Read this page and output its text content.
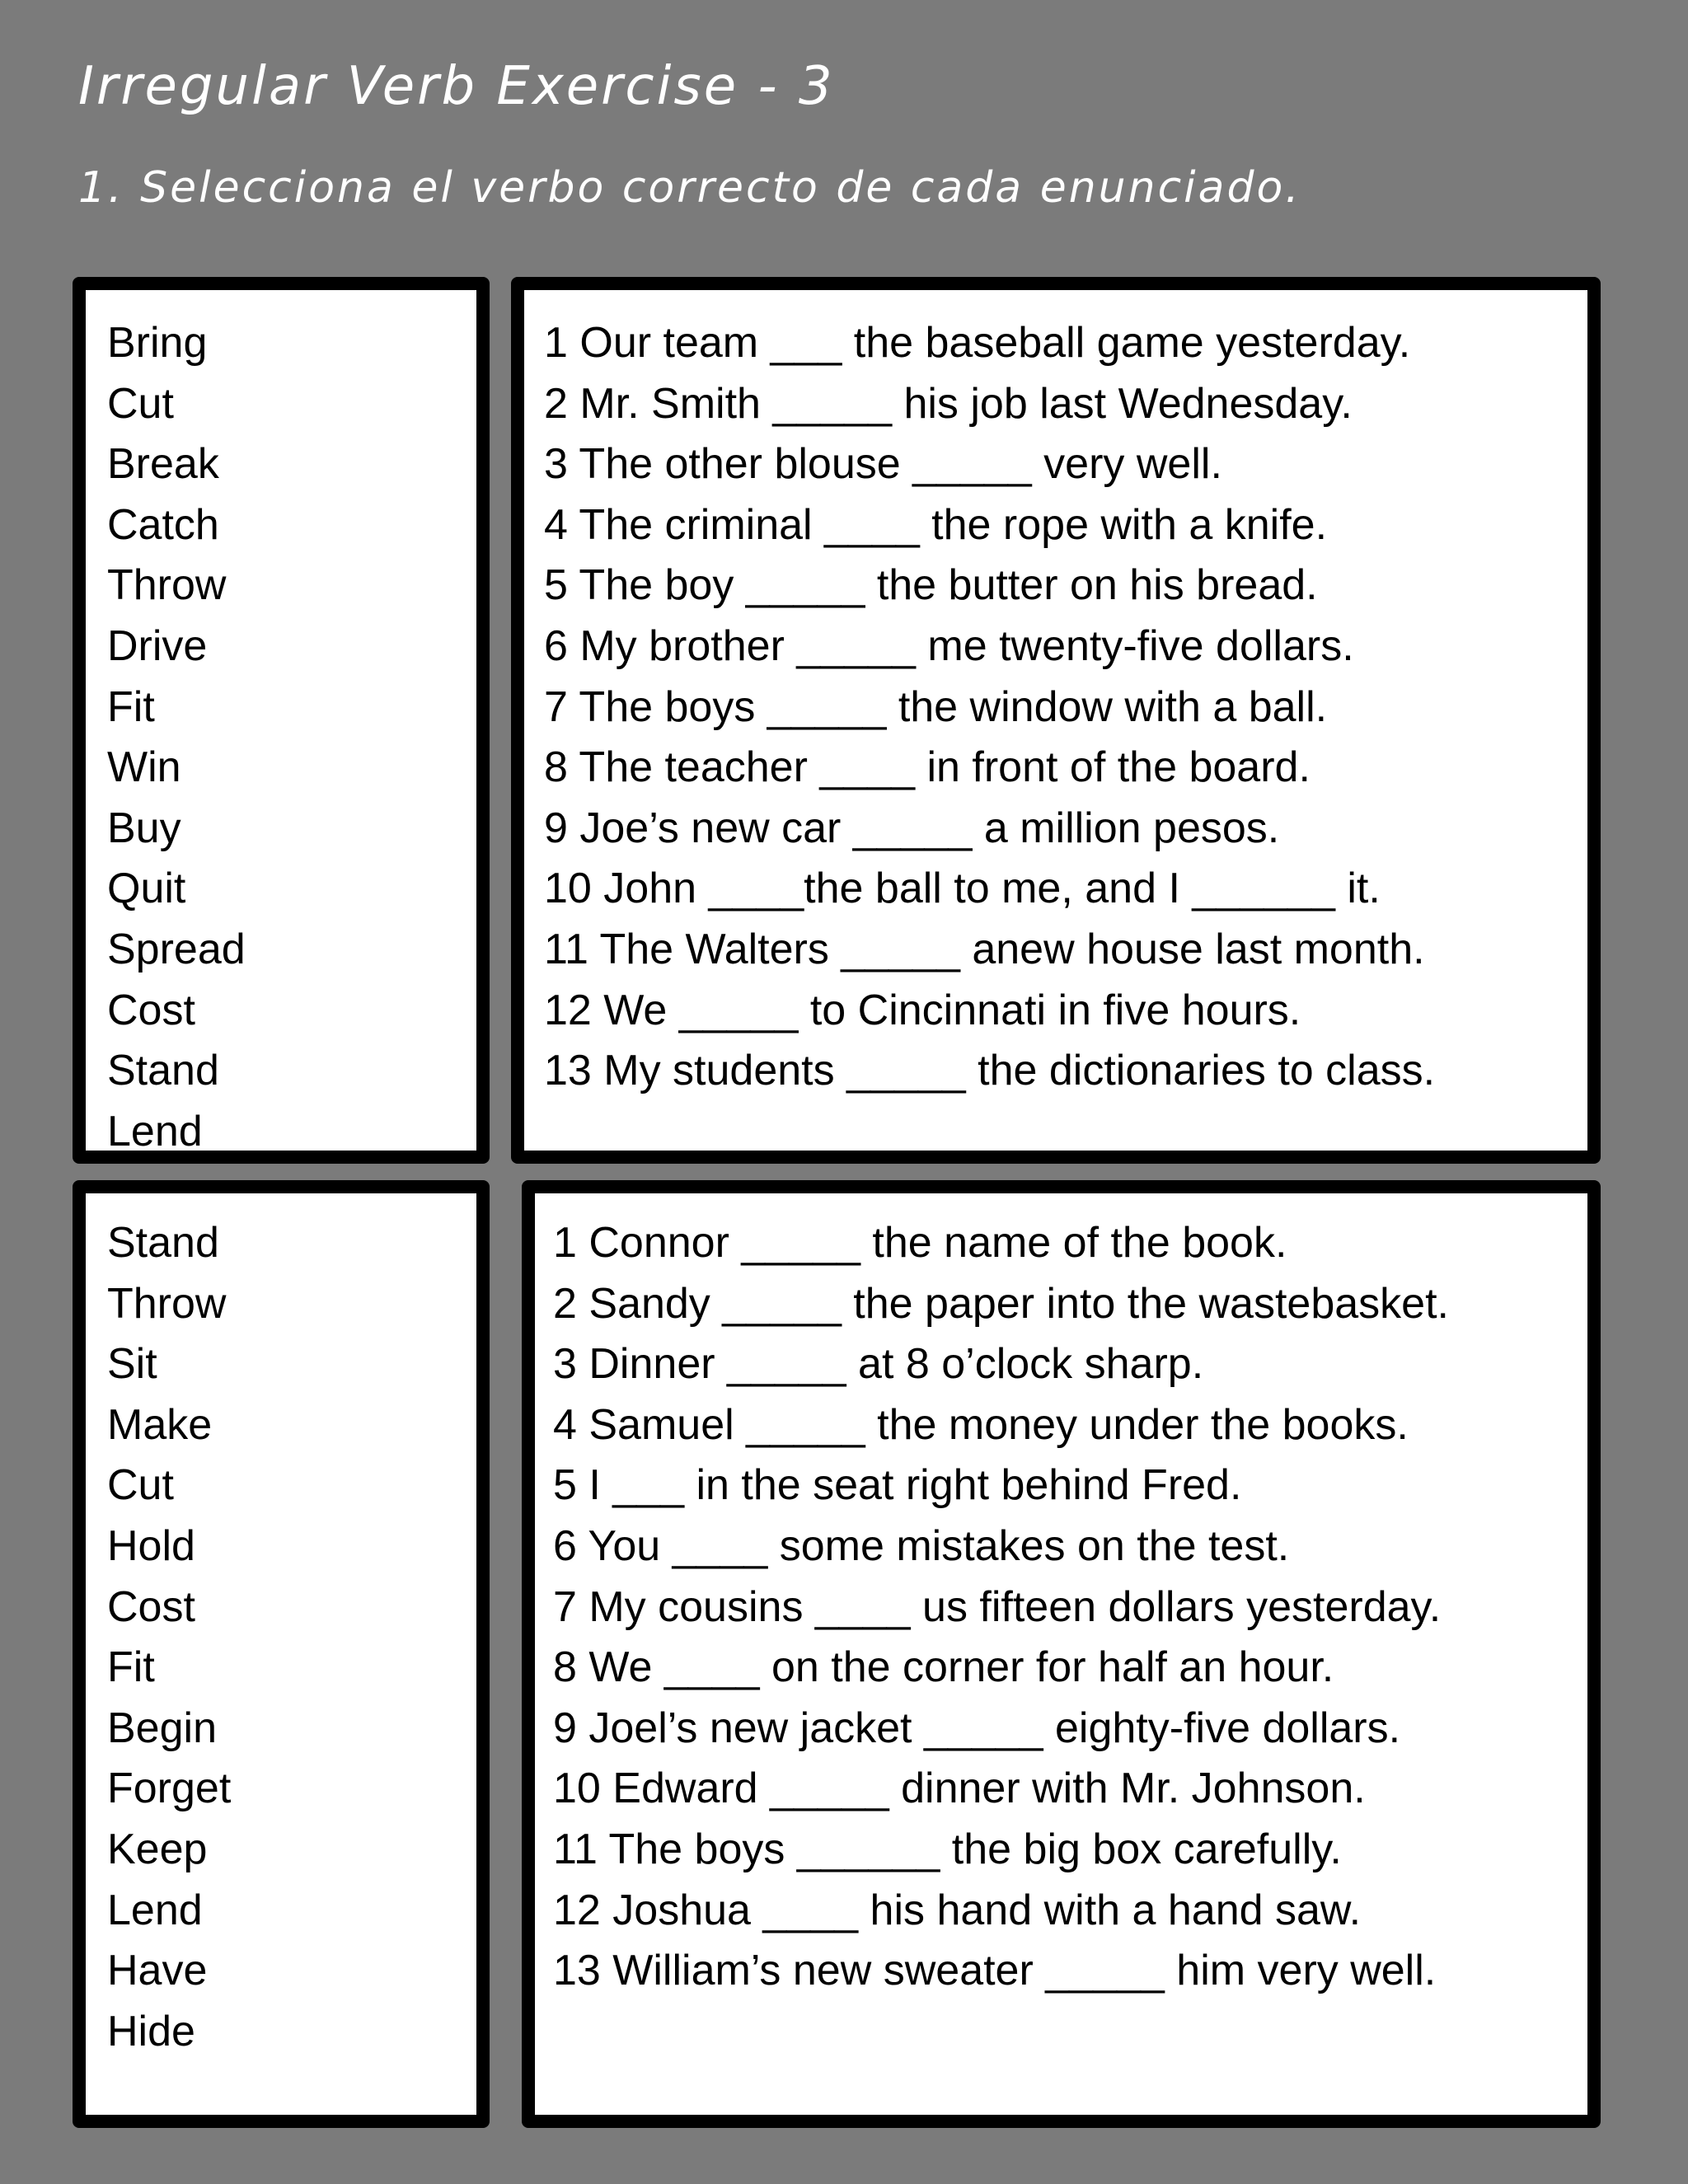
Irregular Verb Exercise - 3
1. Selecciona el verbo correcto de cada enunciado.
Bring
Cut
Break
Catch
Throw
Drive
Fit
Win
Buy
Quit
Spread
Cost
Stand
Lend
1 Our team ___ the baseball game yesterday.
2 Mr. Smith _____ his job last Wednesday.
3 The other blouse _____ very well.
4 The criminal ____ the rope with a knife.
5 The boy _____ the butter on his bread.
6 My brother _____ me twenty-five dollars.
7 The boys _____ the window with a ball.
8 The teacher ____ in front of the board.
9 Joe’s new car _____ a million pesos.
10 John ____the ball to me, and I ______ it.
11 The Walters _____ anew house last month.
12 We _____ to Cincinnati in five hours.
13 My students _____ the dictionaries to class.
Stand
Throw
Sit
Make
Cut
Hold
Cost
Fit
Begin
Forget
Keep
Lend
Have
Hide
1 Connor _____ the name of the book.
2 Sandy _____ the paper into the wastebasket.
3 Dinner _____ at 8 o’clock sharp.
4 Samuel _____ the money under the books.
5 I ___ in the seat right behind Fred.
6 You ____ some mistakes on the test.
7 My cousins ____ us fifteen dollars yesterday.
8 We ____ on the corner for half an hour.
9 Joel’s new jacket _____ eighty-five dollars.
10 Edward _____ dinner with Mr. Johnson.
11 The boys ______ the big box carefully.
12 Joshua ____ his hand with a hand saw.
13 William’s new sweater _____ him very well.
